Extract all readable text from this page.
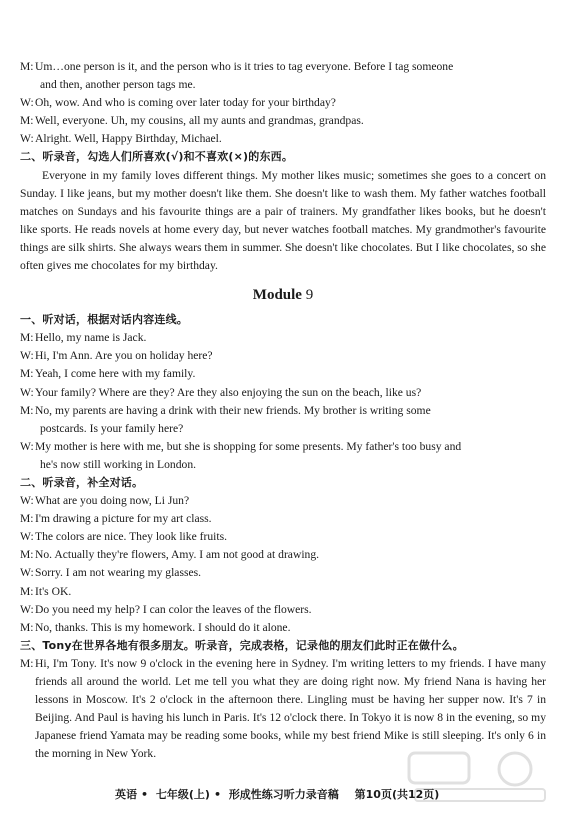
M: Um…one person is it, and the person who is it tries to tag everyone. Before I tag someone
and then, another person tags me.
W: Oh, wow. And who is coming over later today for your birthday?
M: Well, everyone. Uh, my cousins, all my aunts and grandmas, grandpas.
W: Alright. Well, Happy Birthday, Michael.
二、听录音，勾选人们所喜欢(√)和不喜欢(×)的东西。
Everyone in my family loves different things. My mother likes music; sometimes she goes to a concert on Sunday. I like jeans, but my mother doesn't like them. She doesn't like to wash them. My father watches football matches on Sundays and his favourite things are a pair of trainers. My grandfather likes books, but he doesn't like sports. He reads novels at home every day, but never watches football matches. My grandmother's favourite things are silk shirts. She always wears them in summer. She doesn't like chocolates. But I like chocolates, so she often gives me chocolates for my birthday.
Module 9
一、听对话，根据对话内容连线。
M: Hello, my name is Jack.
W: Hi, I'm Ann. Are you on holiday here?
M: Yeah, I come here with my family.
W: Your family? Where are they? Are they also enjoying the sun on the beach, like us?
M: No, my parents are having a drink with their new friends. My brother is writing some
postcards. Is your family here?
W: My mother is here with me, but she is shopping for some presents. My father's too busy and
he's now still working in London.
二、听录音，补全对话。
W: What are you doing now, Li Jun?
M: I'm drawing a picture for my art class.
W: The colors are nice. They look like fruits.
M: No. Actually they're flowers, Amy. I am not good at drawing.
W: Sorry. I am not wearing my glasses.
M: It's OK.
W: Do you need my help? I can color the leaves of the flowers.
M: No, thanks. This is my homework. I should do it alone.
三、Tony在世界各地有很多朋友。听录音，完成表格，记录他的朋友们此时正在做什么。
M: Hi, I'm Tony. It's now 9 o'clock in the evening here in Sydney. I'm writing letters to my friends. I have many friends all around the world. Let me tell you what they are doing right now. My friend Nana is having her lessons in Moscow. It's 2 o'clock in the afternoon there. Lingling must be having her supper now. It's 7 in Beijing. And Paul is having his lunch in Paris. It's 12 o'clock there. In Tokyo it is now 8 in the evening, so my Japanese friend Yamata may be reading some books, while my best friend Mike is still sleeping. It's only 6 in the morning in New York.
英语 • 七年级(上) • 形成性练习听力录音稿 第10页(共12页)
